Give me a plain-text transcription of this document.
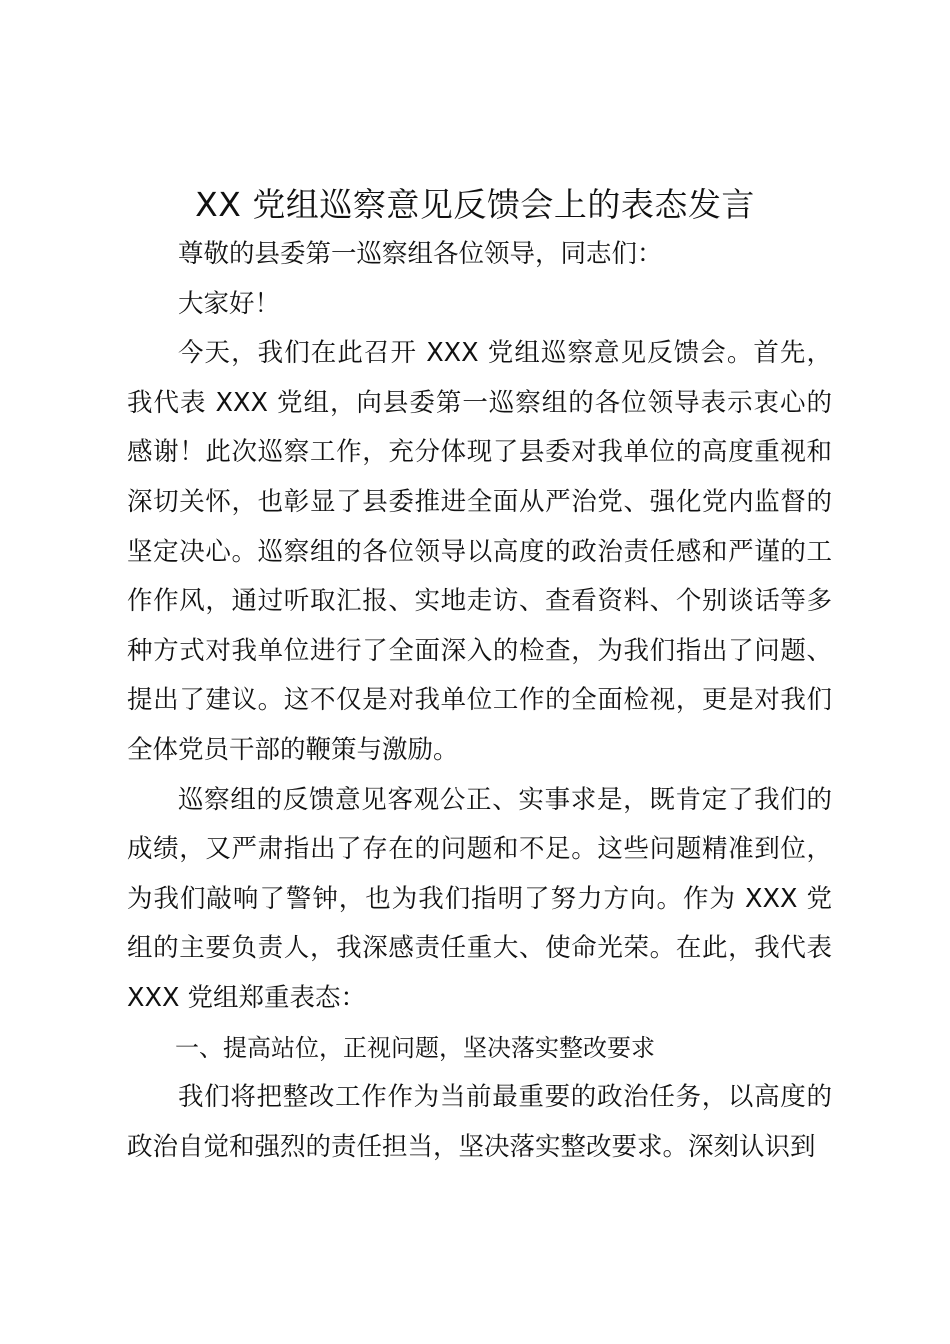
XX 党组巡察意见反馈会上的表态发言

尊敬的县委第一巡察组各位领导，同志们：

大家好！

今天，我们在此召开 XXX 党组巡察意见反馈会。首先，我代表 XXX 党组，向县委第一巡察组的各位领导表示衷心的感谢！此次巡察工作，充分体现了县委对我单位的高度重视和深切关怀，也彰显了县委推进全面从严治党、强化党内监督的坚定决心。巡察组的各位领导以高度的政治责任感和严谨的工作作风，通过听取汇报、实地走访、查看资料、个别谈话等多种方式对我单位进行了全面深入的检查，为我们指出了问题、提出了建议。这不仅是对我单位工作的全面检视，更是对我们全体党员干部的鞭策与激励。

巡察组的反馈意见客观公正、实事求是，既肯定了我们的成绩，又严肃指出了存在的问题和不足。这些问题精准到位，为我们敲响了警钟，也为我们指明了努力方向。作为 XXX 党组的主要负责人，我深感责任重大、使命光荣。在此，我代表 XXX 党组郑重表态：

一、提高站位，正视问题，坚决落实整改要求

我们将把整改工作作为当前最重要的政治任务，以高度的政治自觉和强烈的责任担当，坚决落实整改要求。深刻认识到
